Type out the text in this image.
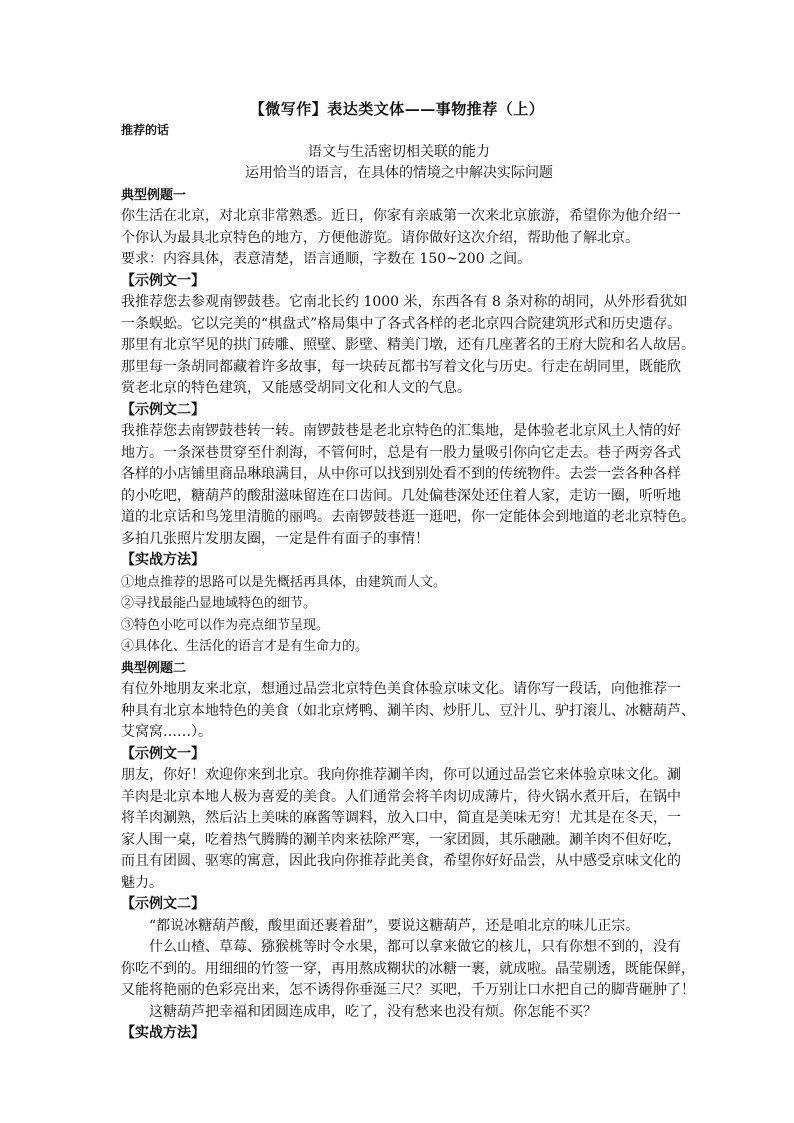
【微写作】表达类文体——事物推荐（上）
推荐的话
语文与生活密切相关联的能力
运用恰当的语言，在具体的情境之中解决实际问题
典型例题一
你生活在北京，对北京非常熟悉。近日，你家有亲戚第一次来北京旅游，希望你为他介绍一
个你认为最具北京特色的地方，方便他游览。请你做好这次介绍，帮助他了解北京。
要求：内容具体，表意清楚，语言通顺，字数在 150~200 之间。
【示例文一】
我推荐您去参观南锣鼓巷。它南北长约 1000 米，东西各有 8 条对称的胡同，从外形看犹如
一条蜈蚣。它以完美的“棋盘式”格局集中了各式各样的老北京四合院建筑形式和历史遗存。
那里有北京罕见的拱门砖雕、照壁、影壁、精美门墩，还有几座著名的王府大院和名人故居。
那里每一条胡同都藏着许多故事，每一块砖瓦都书写着文化与历史。行走在胡同里，既能欣
赏老北京的特色建筑，又能感受胡同文化和人文的气息。
【示例文二】
我推荐您去南锣鼓巷转一转。南锣鼓巷是老北京特色的汇集地，是体验老北京风土人情的好
地方。一条深巷贯穿至什刹海，不管何时，总是有一股力量吸引你向它走去。巷子两旁各式
各样的小店铺里商品琳琅满目，从中你可以找到别处看不到的传统物件。去尝一尝各种各样
的小吃吧，糖葫芦的酸甜滋味留连在口齿间。几处偏巷深处还住着人家，走访一圈，听听地
道的北京话和鸟笼里清脆的丽鸣。去南锣鼓巷逛一逛吧，你一定能体会到地道的老北京特色。
多拍几张照片发朋友圈，一定是件有面子的事情！
【实战方法】
①地点推荐的思路可以是先概括再具体，由建筑而人文。
②寻找最能凸显地域特色的细节。
③特色小吃可以作为亮点细节呈现。
④具体化、生活化的语言才是有生命力的。
典型例题二
有位外地朋友来北京，想通过品尝北京特色美食体验京味文化。请你写一段话，向他推荐一
种具有北京本地特色的美食（如北京烤鸭、涮羊肉、炒肝儿、豆汁儿、驴打滚儿、冰糖葫芦、
艾窝窝……）。
【示例文一】
朋友，你好！欢迎你来到北京。我向你推荐涮羊肉，你可以通过品尝它来体验京味文化。涮
羊肉是北京本地人极为喜爱的美食。人们通常会将羊肉切成薄片，待火锅水煮开后，在锅中
将羊肉涮熟，然后沾上美味的麻酱等调料，放入口中，简直是美味无穷！尤其是在冬天，一
家人围一桌，吃着热气腾腾的涮羊肉来祛除严寒，一家团圆，其乐融融。涮羊肉不但好吃，
而且有团圆、驱寒的寓意，因此我向你推荐此美食，希望你好好品尝，从中感受京味文化的
魅力。
【示例文二】
“都说冰糖葫芦酸，酸里面还裹着甜”，要说这糖葫芦，还是咱北京的味儿正宗。
什么山楂、草莓、猕猴桃等时令水果，都可以拿来做它的核儿，只有你想不到的，没有
你吃不到的。用细细的竹签一穿，再用熬成糊状的冰糖一裹，就成啦。晶莹剔透，既能保鲜，
又能将艳丽的色彩亮出来，怎不诱得你垂涎三尺？买吧，千万别让口水把自己的脚背砸肿了！
这糖葫芦把幸福和团圆连成串，吃了，没有愁来也没有烦。你怎能不买？
【实战方法】
